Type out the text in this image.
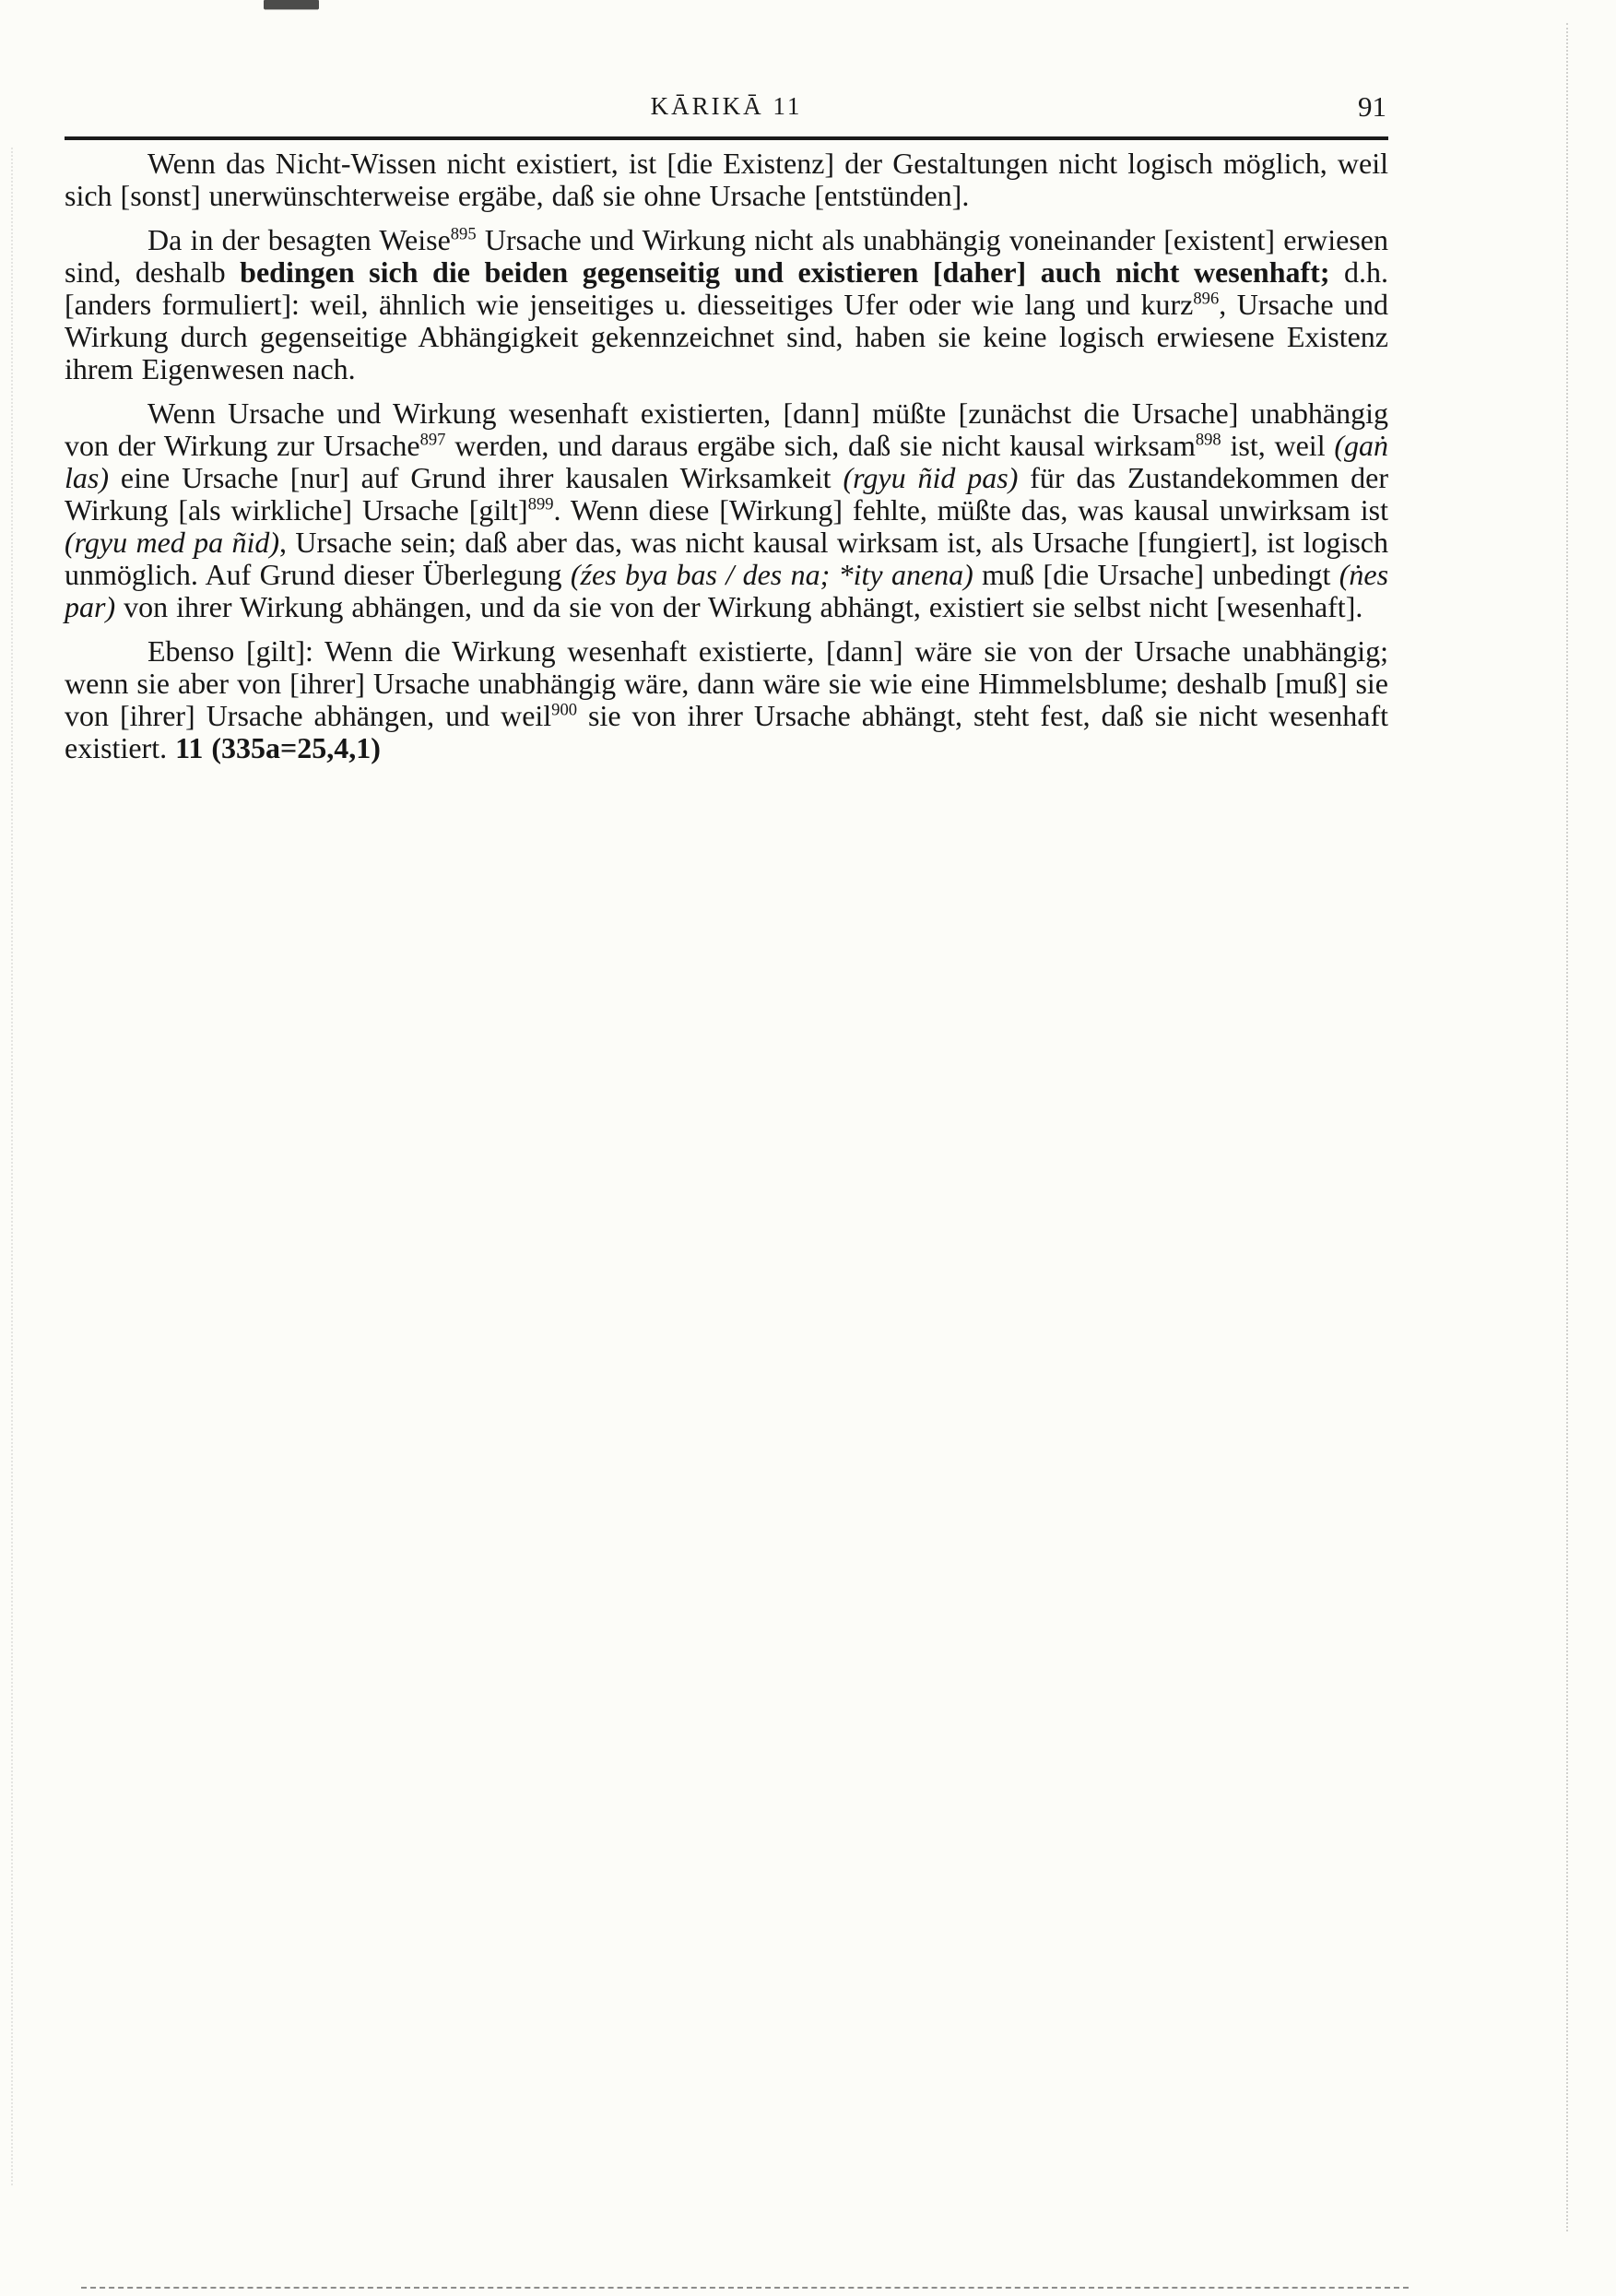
KĀRIKĀ 11	91

Wenn das Nicht-Wissen nicht existiert, ist [die Existenz] der Gestaltungen nicht logisch möglich, weil sich [sonst] unerwünschterweise ergäbe, daß sie ohne Ursache [entstünden].

Da in der besagten Weise$^{895}$ Ursache und Wirkung nicht als unabhängig voneinander [existent] erwiesen sind, deshalb bedingen sich die beiden gegenseitig und existieren [daher] auch nicht wesenhaft; d.h. [anders formuliert]: weil, ähnlich wie jenseitiges u. diesseitiges Ufer oder wie lang und kurz$^{896}$, Ursache und Wirkung durch gegenseitige Abhängigkeit gekennzeichnet sind, haben sie keine logisch erwiesene Existenz ihrem Eigenwesen nach.

Wenn Ursache und Wirkung wesenhaft existierten, [dann] müßte [zunächst die Ursache] unabhängig von der Wirkung zur Ursache$^{897}$ werden, und daraus ergäbe sich, daß sie nicht kausal wirksam$^{898}$ ist, weil (gaṅ las) eine Ursache [nur] auf Grund ihrer kausalen Wirksamkeit (rgyu ñid pas) für das Zustandekommen der Wirkung [als wirkliche] Ursache [gilt]$^{899}$. Wenn diese [Wirkung] fehlte, müßte das, was kausal unwirksam ist (rgyu med pa ñid), Ursache sein; daß aber das, was nicht kausal wirksam ist, als Ursache [fungiert], ist logisch unmöglich. Auf Grund dieser Überlegung (źes bya bas / des na; *ity anena) muß [die Ursache] unbedingt (ṅes par) von ihrer Wirkung abhängen, und da sie von der Wirkung abhängt, existiert sie selbst nicht [wesenhaft].

Ebenso [gilt]: Wenn die Wirkung wesenhaft existierte, [dann] wäre sie von der Ursache unabhängig; wenn sie aber von [ihrer] Ursache unabhängig wäre, dann wäre sie wie eine Himmelsblume; deshalb [muß] sie von [ihrer] Ursache abhängen, und weil$^{900}$ sie von ihrer Ursache abhängt, steht fest, daß sie nicht wesenhaft existiert. 11 (335a=25,4,1)
